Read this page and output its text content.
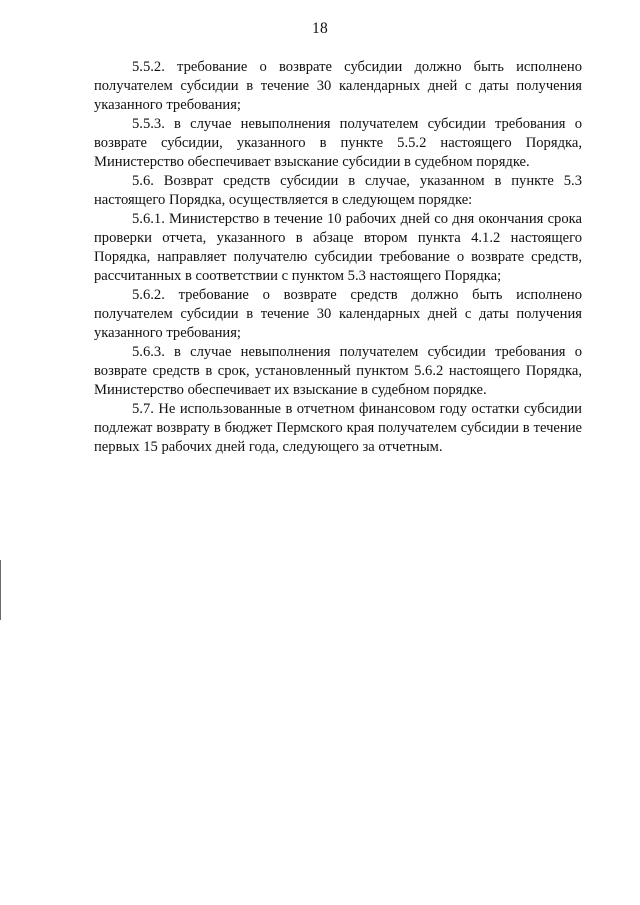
18

5.5.2. требование о возврате субсидии должно быть исполнено получателем субсидии в течение 30 календарных дней с даты получения указанного требования;

5.5.3. в случае невыполнения получателем субсидии требования о возврате субсидии, указанного в пункте 5.5.2 настоящего Порядка, Министерство обеспечивает взыскание субсидии в судебном порядке.

5.6. Возврат средств субсидии в случае, указанном в пункте 5.3 настоящего Порядка, осуществляется в следующем порядке:

5.6.1. Министерство в течение 10 рабочих дней со дня окончания срока проверки отчета, указанного в абзаце втором пункта 4.1.2 настоящего Порядка, направляет получателю субсидии требование о возврате средств, рассчитанных в соответствии с пунктом 5.3 настоящего Порядка;

5.6.2. требование о возврате средств должно быть исполнено получателем субсидии в течение 30 календарных дней с даты получения указанного требования;

5.6.3. в случае невыполнения получателем субсидии требования о возврате средств в срок, установленный пунктом 5.6.2 настоящего Порядка, Министерство обеспечивает их взыскание в судебном порядке.

5.7. Не использованные в отчетном финансовом году остатки субсидии подлежат возврату в бюджет Пермского края получателем субсидии в течение первых 15 рабочих дней года, следующего за отчетным.
